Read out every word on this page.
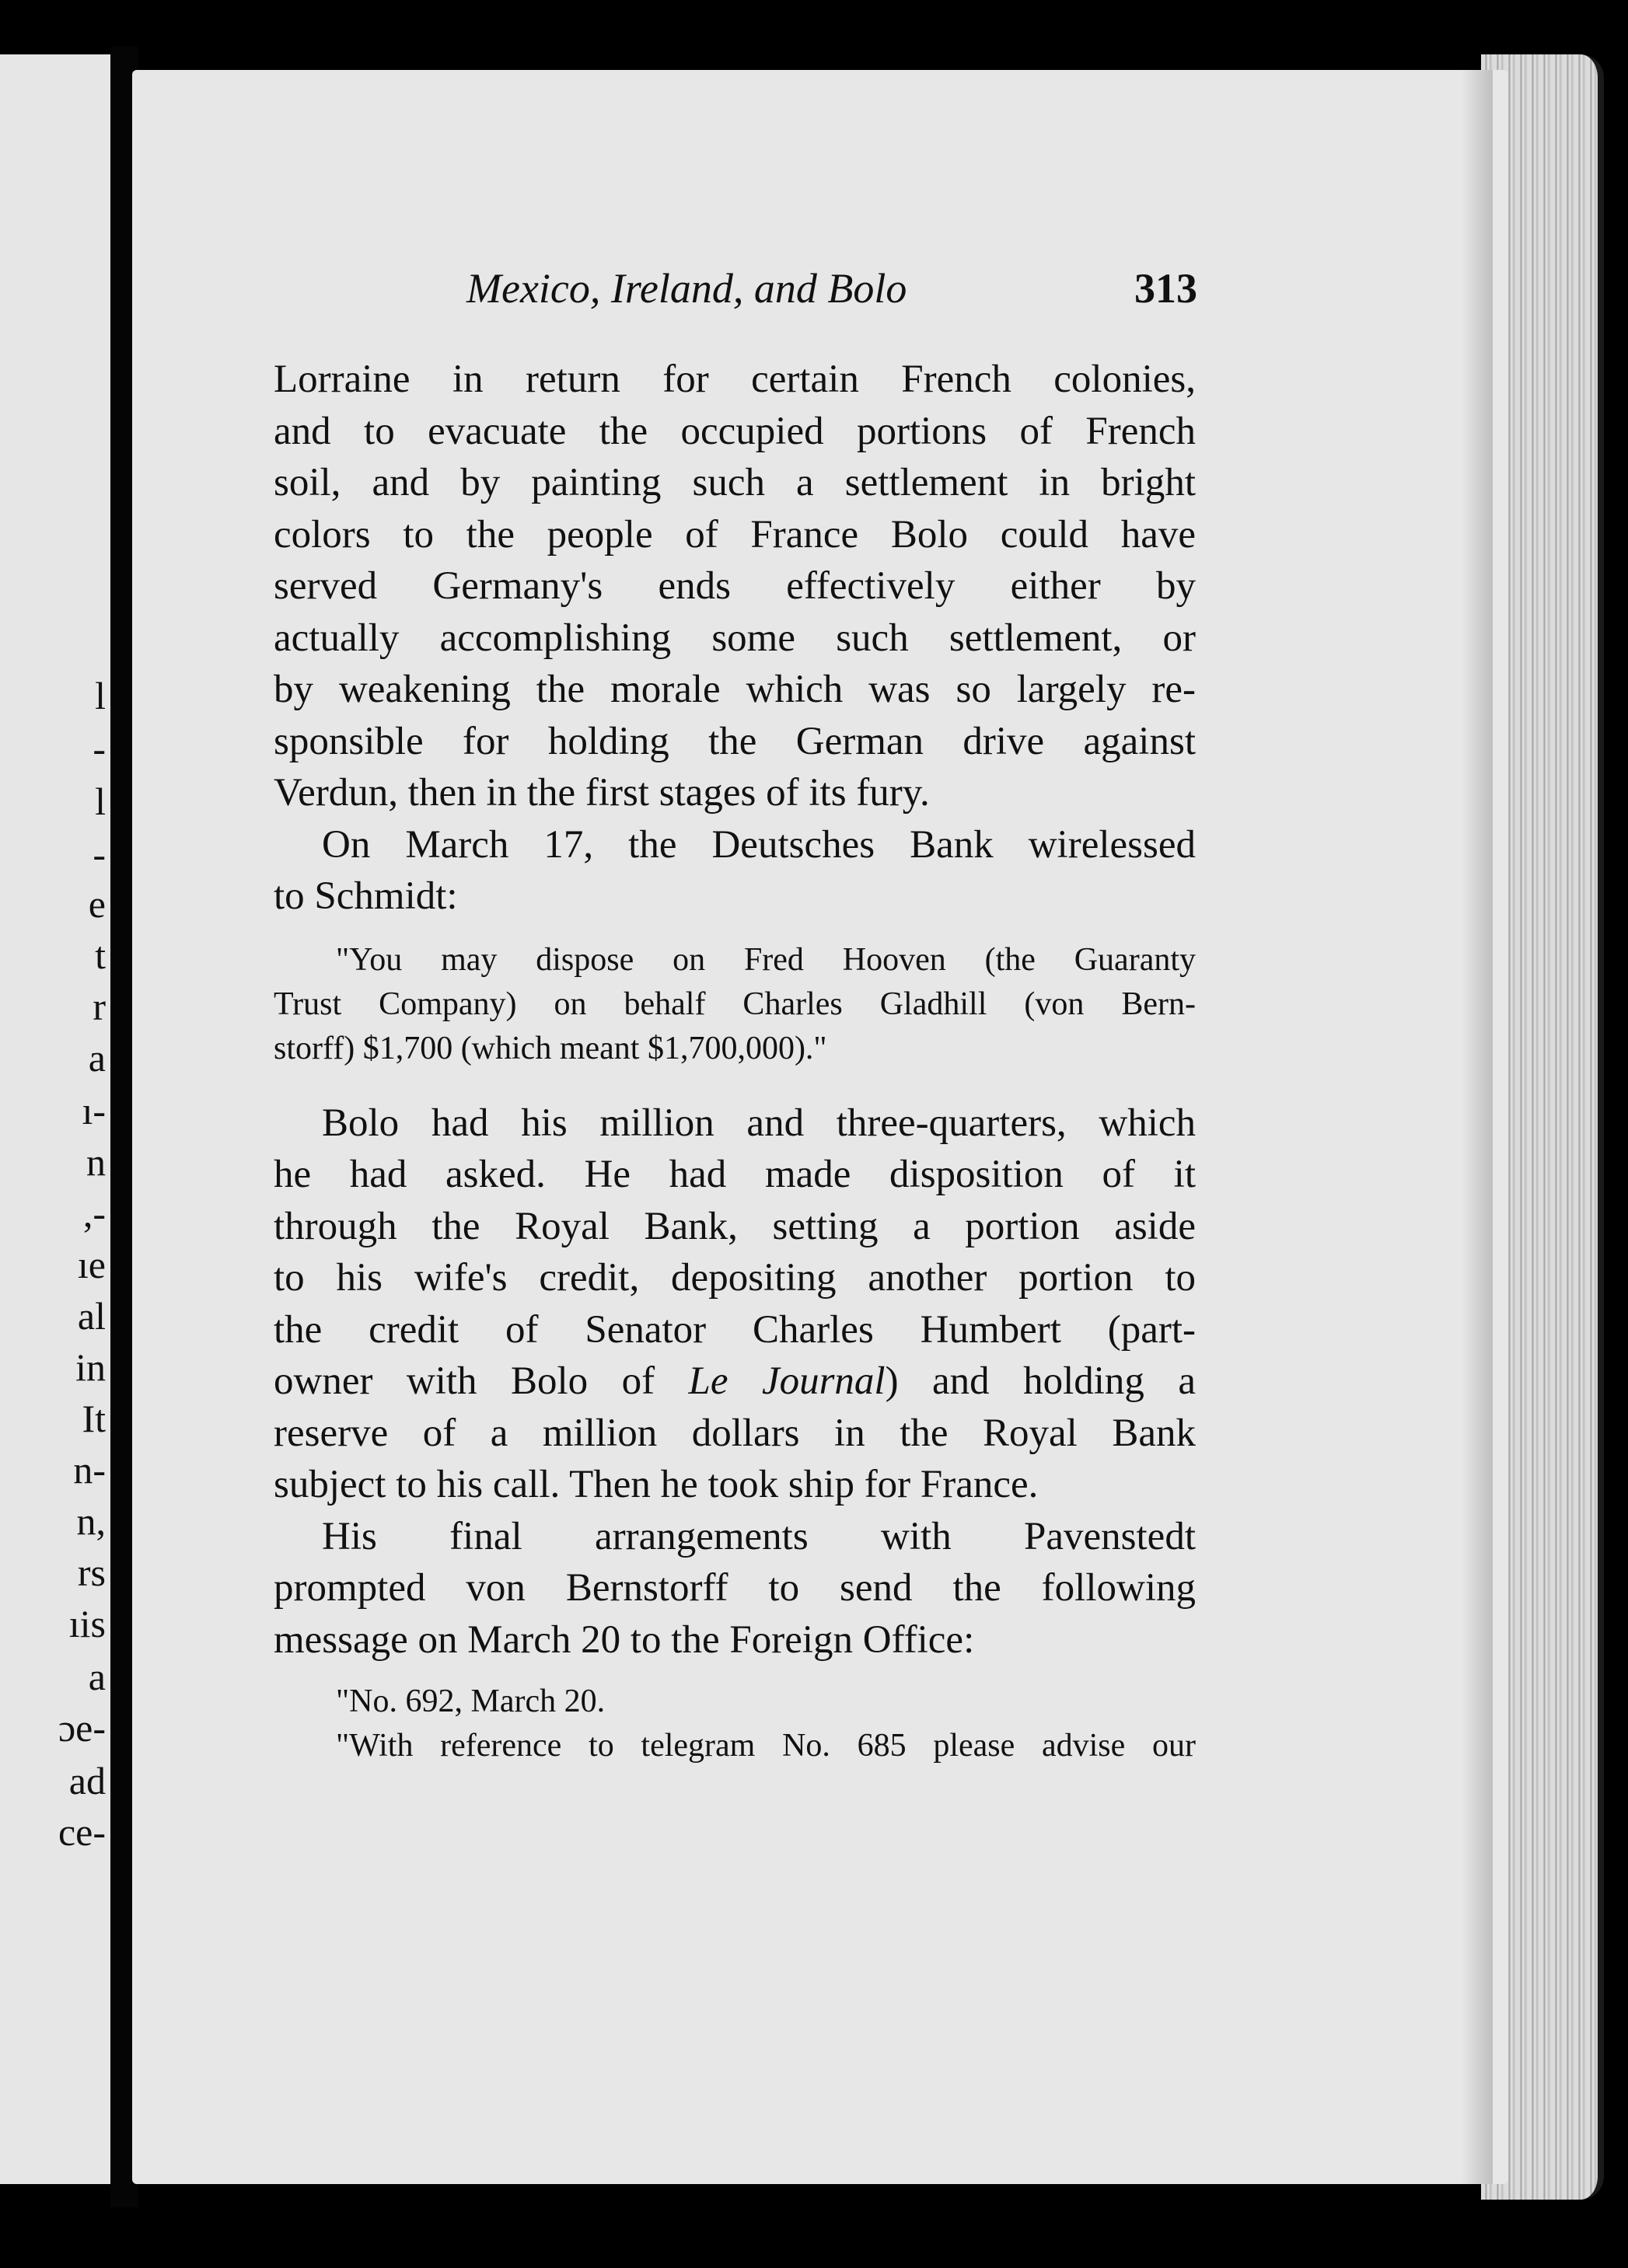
l
-
l
-
e
t
r
a
ı-
n
,-
ıe
al
in
It
n-
n,
rs
ıis
a
ɔe-
ad
ce-
Mexico, Ireland, and Bolo	313
Lorraine in return for certain French colonies,
and to evacuate the occupied portions of French
soil, and by painting such a settlement in bright
colors to the people of France Bolo could have
served Germany's ends effectively either by
actually accomplishing some such settlement, or
by weakening the morale which was so largely re-
sponsible for holding the German drive against
Verdun, then in the first stages of its fury.
On March 17, the Deutsches Bank wirelessed
to Schmidt:
"You may dispose on Fred Hooven (the Guaranty
Trust Company) on behalf Charles Gladhill (von Bern-
storff) $1,700 (which meant $1,700,000)."
Bolo had his million and three-quarters, which
he had asked. He had made disposition of it
through the Royal Bank, setting a portion aside
to his wife's credit, depositing another portion to
the credit of Senator Charles Humbert (part-
owner with Bolo of Le Journal) and holding a
reserve of a million dollars in the Royal Bank
subject to his call. Then he took ship for France.
His final arrangements with Pavenstedt
prompted von Bernstorff to send the following
message on March 20 to the Foreign Office:
"No. 692, March 20.
"With reference to telegram No. 685 please advise our
